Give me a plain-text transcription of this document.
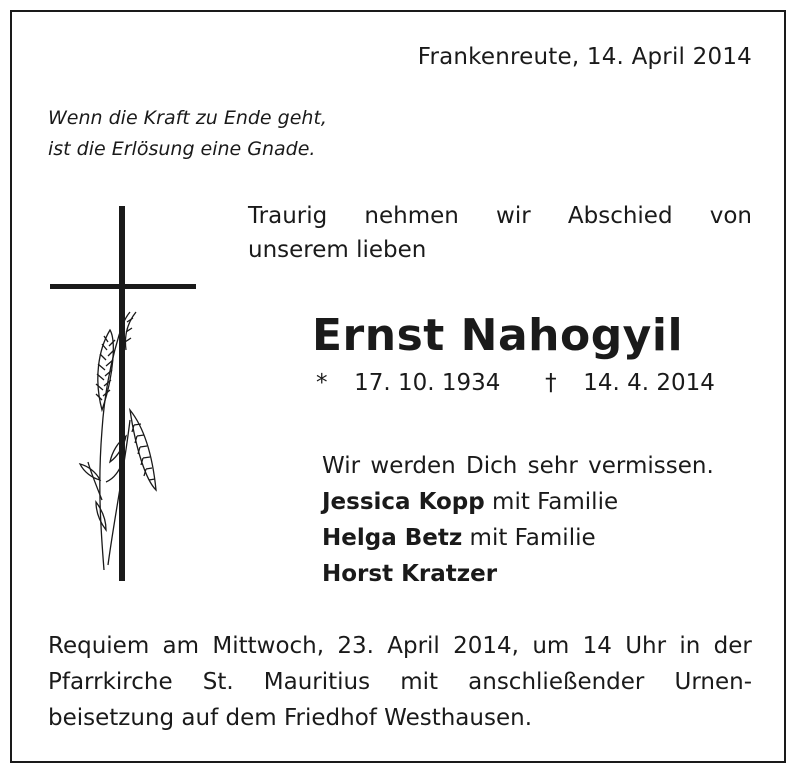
Frankenreute, 14. April 2014
Wenn die Kraft zu Ende geht,
ist die Erlösung eine Gnade.
Traurig nehmen wir Abschied von
unserem lieben
Ernst Nahogyil
* 17. 10. 1934 † 14. 4. 2014
Wir werden Dich sehr vermissen.
Jessica Kopp mit Familie
Helga Betz mit Familie
Horst Kratzer
Requiem am Mittwoch, 23. April 2014, um 14 Uhr in der
Pfarrkirche St. Mauritius mit anschließender Urnen-
beisetzung auf dem Friedhof Westhausen.
